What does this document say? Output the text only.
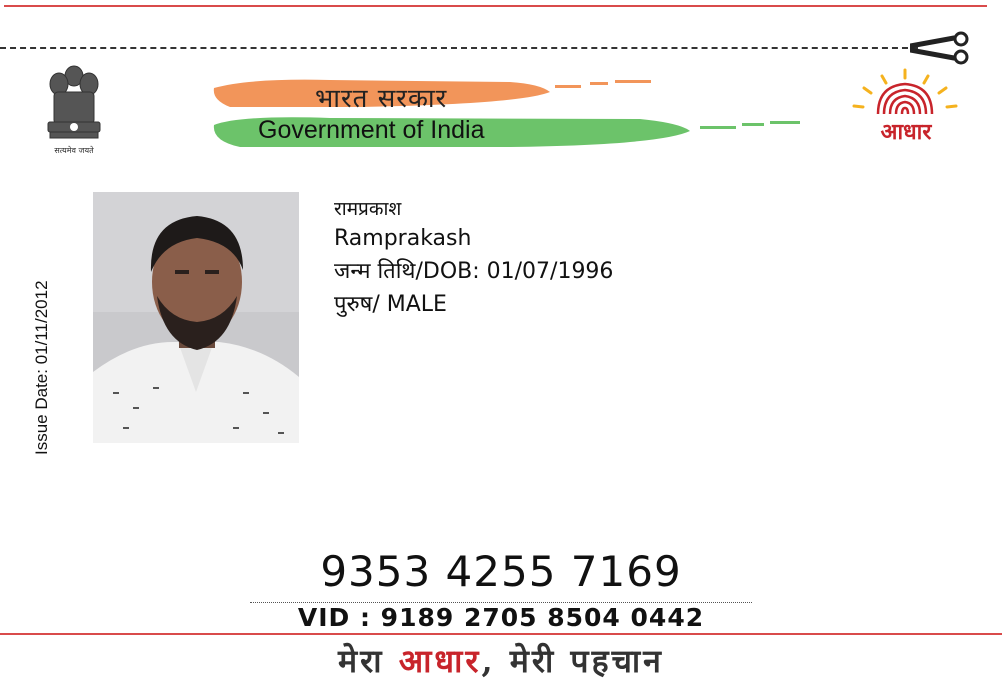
सत्यमेव जयते
भारत सरकार
Government of India	आधार
Issue Date: 01/11/2012
रामप्रकाश
Ramprakash
जन्म तिथि/DOB: 01/07/1996
पुरुष/ MALE
9353 4255 7169
VID : 9189 2705 8504 0442
मेरा आधार, मेरी पहचान
